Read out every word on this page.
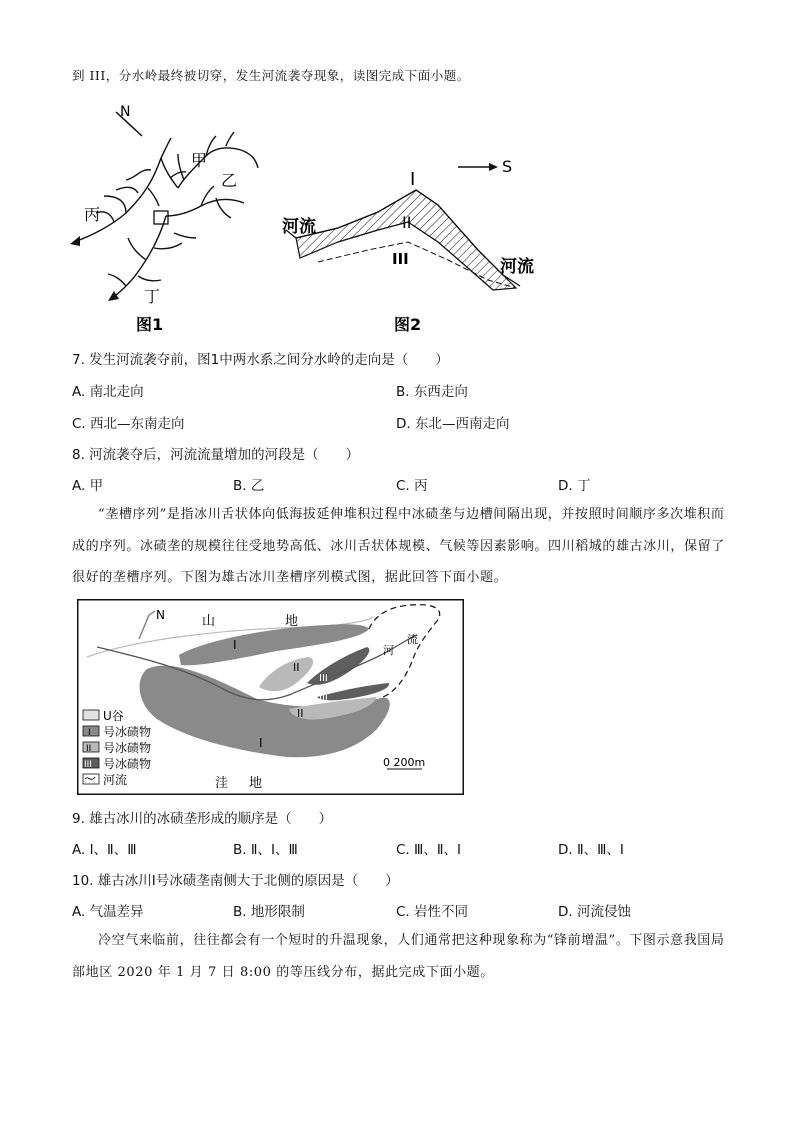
到 III，分水岭最终被切穿，发生河流袭夺现象，读图完成下面小题。
N
甲
乙
丙
丁
图1
S
I
II
III
河流
河流
图2
7. 发生河流袭夺前，图1中两水系之间分水岭的走向是（　　）
A. 南北走向	B. 东西走向
C. 西北—东南走向	D. 东北—西南走向
8. 河流袭夺后，河流流量增加的河段是（　　）
A. 甲	B. 乙	C. 丙	D. 丁
“垄槽序列”是指冰川舌状体向低海拔延伸堆积过程中冰碛垄与边槽间隔出现，并按照时间顺序多次堆积而成的序列。冰碛垄的规模往往受地势高低、冰川舌状体规模、气候等因素影响。四川稻城的雄古冰川，保留了很好的垄槽序列。下图为雄古冰川垄槽序列模式图，据此回答下面小题。
N	山	地
河
流
I
I
II
II
III
III
U谷
I 号冰碛物
II 号冰碛物
III 号冰碛物
河流	洼 地
0 200m
9. 雄古冰川的冰碛垄形成的顺序是（　　）
A. Ⅰ、Ⅱ、Ⅲ	B. Ⅱ、Ⅰ、Ⅲ	C. Ⅲ、Ⅱ、Ⅰ	D. Ⅱ、Ⅲ、Ⅰ
10. 雄古冰川Ⅰ号冰碛垄南侧大于北侧的原因是（　　）
A. 气温差异	B. 地形限制	C. 岩性不同	D. 河流侵蚀
冷空气来临前，往往都会有一个短时的升温现象，人们通常把这种现象称为“锋前增温”。下图示意我国局部地区 2020 年 1 月 7 日 8:00 的等压线分布，据此完成下面小题。
